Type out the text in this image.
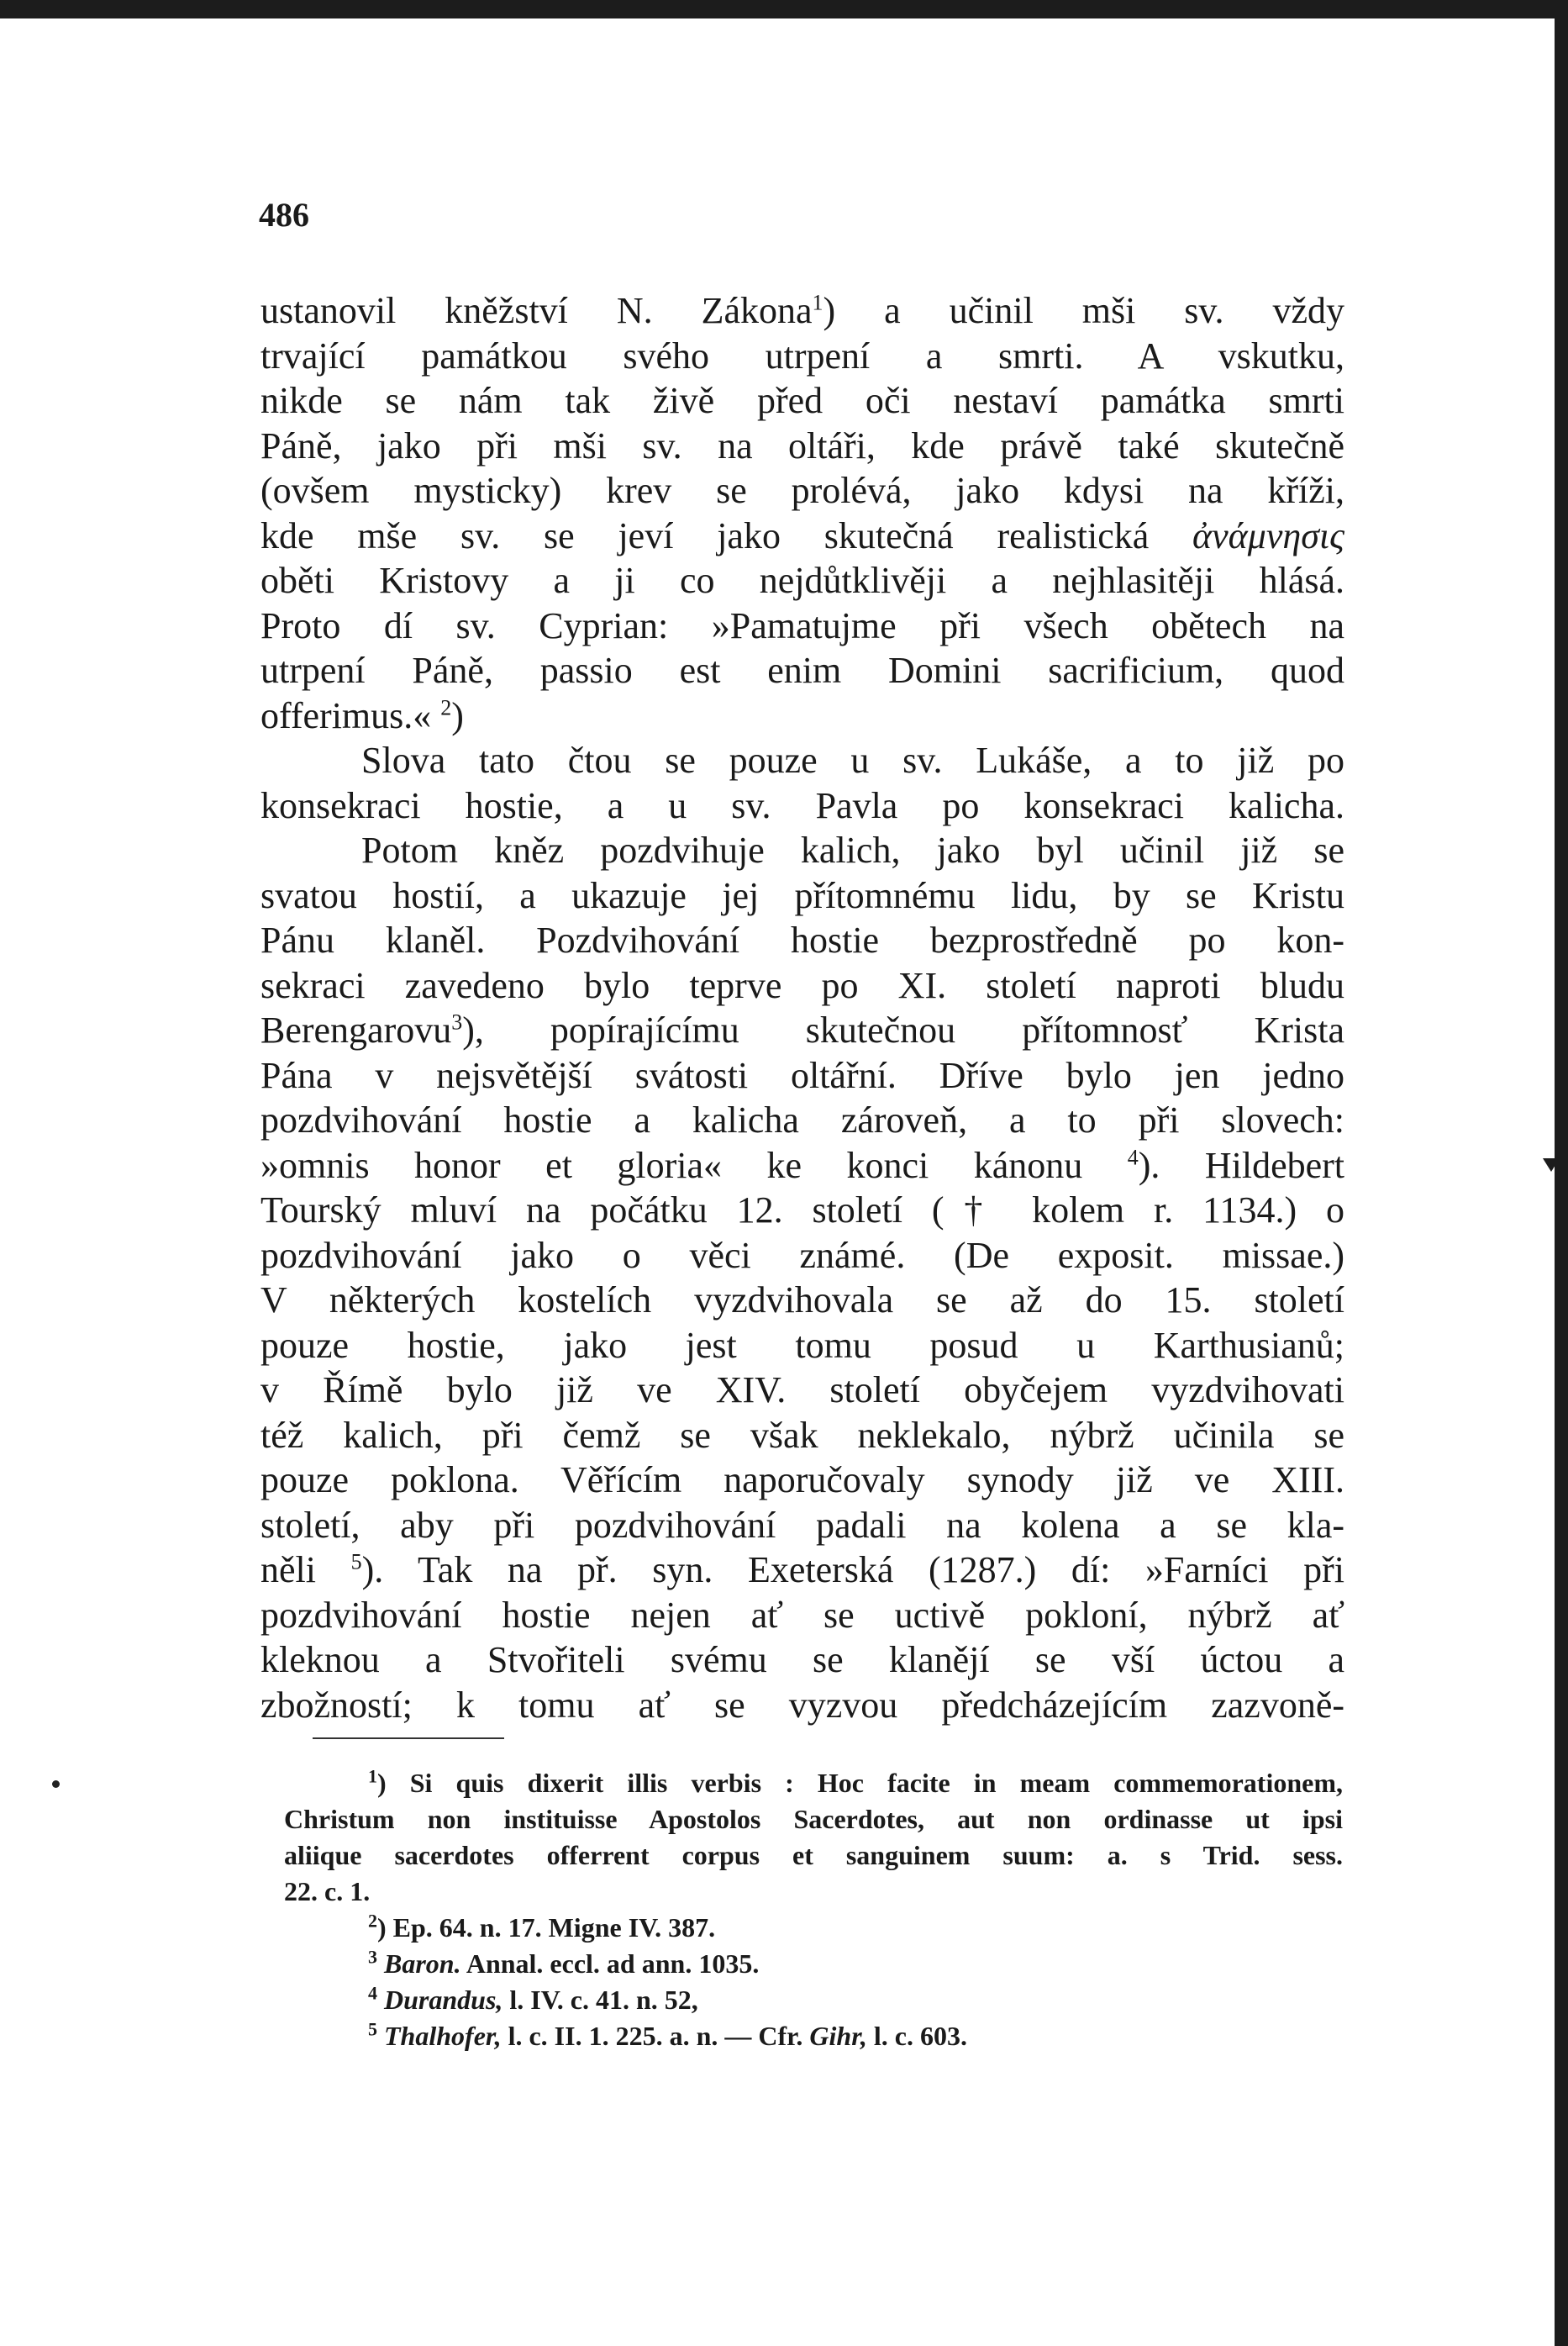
486
ustanovil kněžství N. Zákona$^1$) a učinil mši sv. vždy
trvající památkou svého utrpení a smrti. A vskutku,
nikde se nám tak živě před oči nestaví památka smrti
Páně, jako při mši sv. na oltáři, kde právě také skutečně
(ovšem mysticky) krev se prolévá, jako kdysi na kříži,
kde mše sv. se jeví jako skutečná realistická ἀνάμνησις
oběti Kristovy a ji co nejdůtklivěji a nejhlasitěji hlásá.
Proto dí sv. Cyprian: »Pamatujme při všech obětech na
utrpení Páně, passio est enim Domini sacrificium, quod
offerimus.« $^2$)
Slova tato čtou se pouze u sv. Lukáše, a to již po
konsekraci hostie, a u sv. Pavla po konsekraci kalicha.
Potom kněz pozdvihuje kalich, jako byl učinil již se
svatou hostií, a ukazuje jej přítomnému lidu, by se Kristu
Pánu klaněl. Pozdvihování hostie bezprostředně po kon-
sekraci zavedeno bylo teprve po XI. století naproti bludu
Berengarovu$^3$), popírajícímu skutečnou přítomnosť Krista
Pána v nejsvětější svátosti oltářní. Dříve bylo jen jedno
pozdvihování hostie a kalicha zároveň, a to při slovech:
»omnis honor et gloria« ke konci kánonu $^4$). Hildebert
Tourský mluví na počátku 12. století († kolem r. 1134.) o
pozdvihování jako o věci známé. (De exposit. missae.)
V některých kostelích vyzdvihovala se až do 15. století
pouze hostie, jako jest tomu posud u Karthusianů;
v Římě bylo již ve XIV. století obyčejem vyzdvihovati
též kalich, při čemž se však neklekalo, nýbrž učinila se
pouze poklona. Věřícím naporučovaly synody již ve XIII.
století, aby při pozdvihování padali na kolena a se kla-
něli $^5$). Tak na př. syn. Exeterská (1287.) dí: »Farníci při
pozdvihování hostie nejen ať se uctivě pokloní, nýbrž ať
kleknou a Stvořiteli svému se klanějí se vší úctou a
zbožností; k tomu ať se vyzvou předcházejícím zazvoně-
$^1$) Si quis dixerit illis verbis : Hoc facite in meam commemorationem,
Christum non instituisse Apostolos Sacerdotes, aut non ordinasse ut ipsi
aliique sacerdotes offerrent corpus et sanguinem suum: a. s Trid. sess.
22. c. 1.
$^2$) Ep. 64. n. 17. Migne IV. 387.
$^3$ Baron. Annal. eccl. ad ann. 1035.
$^4$ Durandus, l. IV. c. 41. n. 52,
$^5$ Thalhofer, l. c. II. 1. 225. a. n. — Cfr. Gihr, l. c. 603.
